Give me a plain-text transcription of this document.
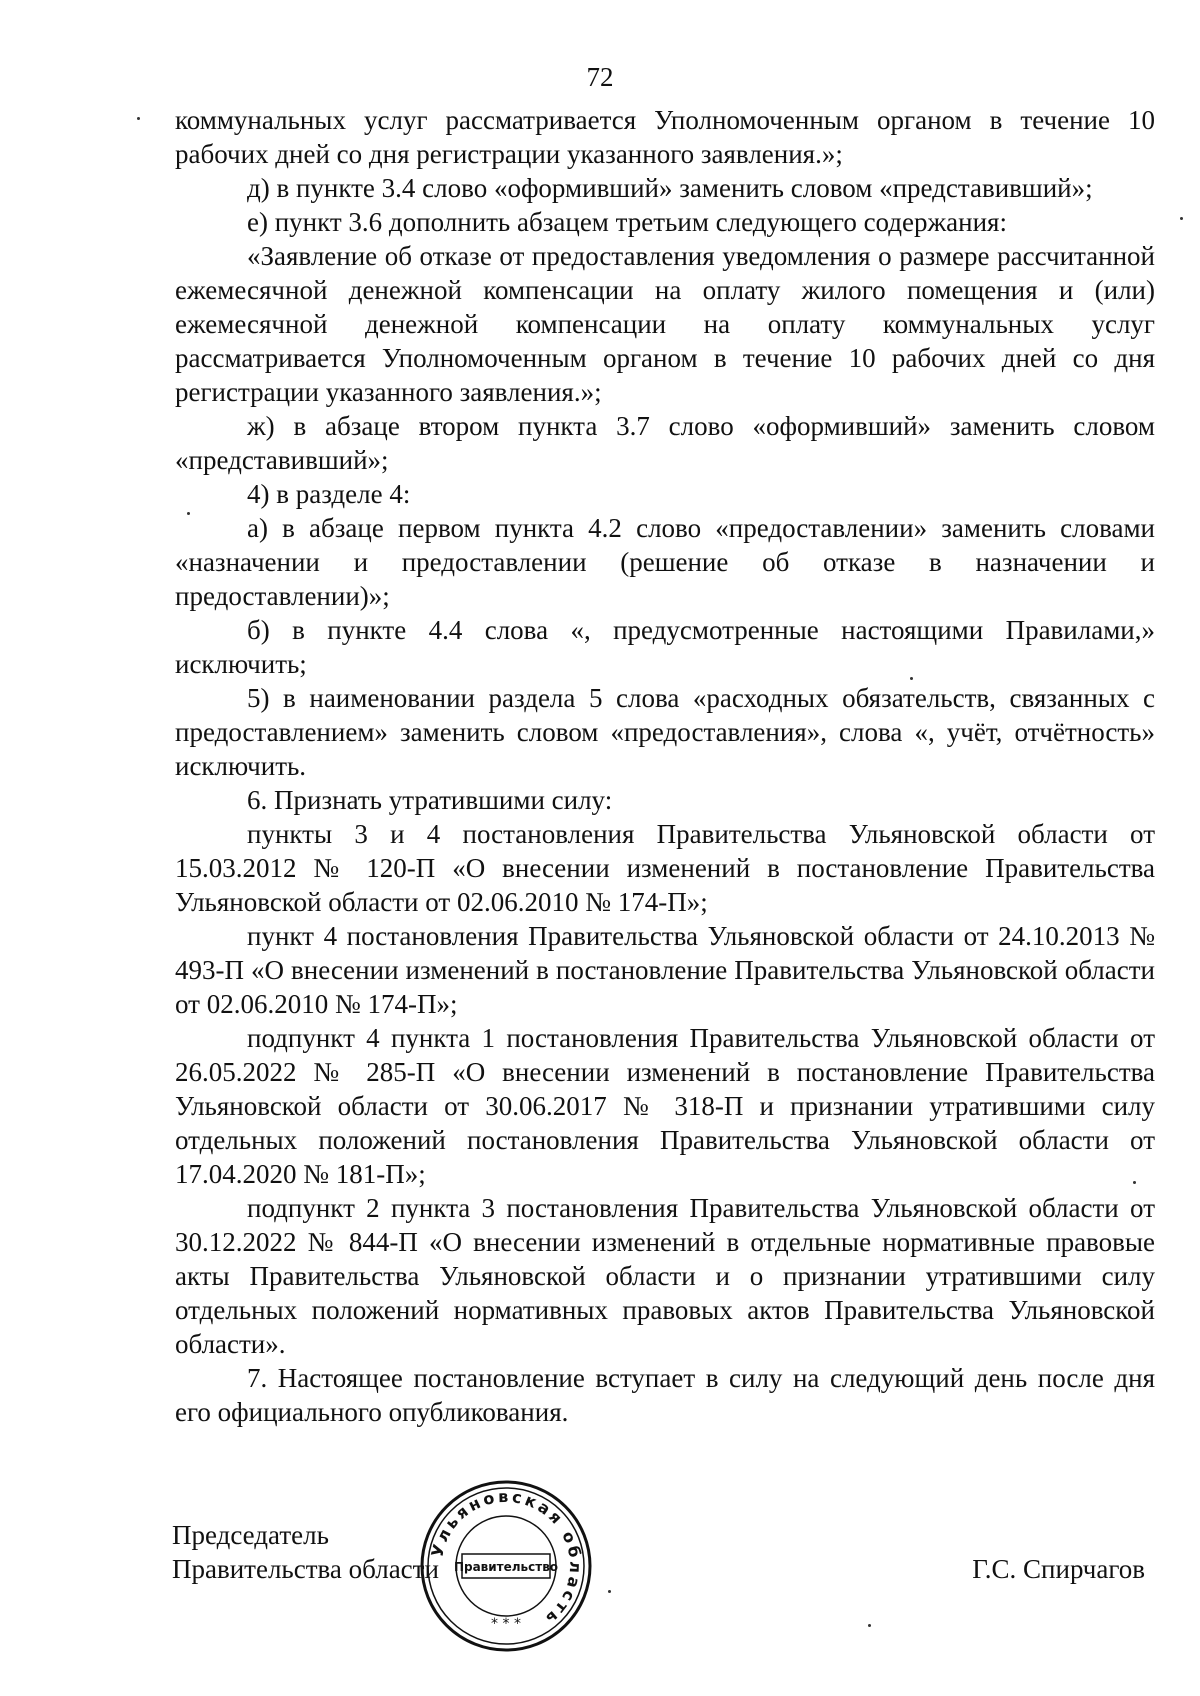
72

коммунальных услуг рассматривается Уполномоченным органом в течение 10 рабочих дней со дня регистрации указанного заявления.»;

д) в пункте 3.4 слово «оформивший» заменить словом «представивший»;

е) пункт 3.6 дополнить абзацем третьим следующего содержания:

«Заявление об отказе от предоставления уведомления о размере рассчитанной ежемесячной денежной компенсации на оплату жилого помещения и (или) ежемесячной денежной компенсации на оплату коммунальных услуг рассматривается Уполномоченным органом в течение 10 рабочих дней со дня регистрации указанного заявления.»;

ж) в абзаце втором пункта 3.7 слово «оформивший» заменить словом «представивший»;

4) в разделе 4:

а) в абзаце первом пункта 4.2 слово «предоставлении» заменить словами «назначении и предоставлении (решение об отказе в назначении и предоставлении)»;

б) в пункте 4.4 слова «, предусмотренные настоящими Правилами,» исключить;

5) в наименовании раздела 5 слова «расходных обязательств, связанных с предоставлением» заменить словом «предоставления», слова «, учёт, отчётность» исключить.

6. Признать утратившими силу:

пункты 3 и 4 постановления Правительства Ульяновской области от 15.03.2012 № 120-П «О внесении изменений в постановление Правительства Ульяновской области от 02.06.2010 № 174-П»;

пункт 4 постановления Правительства Ульяновской области от 24.10.2013 № 493-П «О внесении изменений в постановление Правительства Ульяновской области от 02.06.2010 № 174-П»;

подпункт 4 пункта 1 постановления Правительства Ульяновской области от 26.05.2022 № 285-П «О внесении изменений в постановление Правительства Ульяновской области от 30.06.2017 № 318-П и признании утратившими силу отдельных положений постановления Правительства Ульяновской области от 17.04.2020 № 181-П»;

подпункт 2 пункта 3 постановления Правительства Ульяновской области от 30.12.2022 № 844-П «О внесении изменений в отдельные нормативные правовые акты Правительства Ульяновской области и о признании утратившими силу отдельных положений нормативных правовых актов Правительства Ульяновской области».

7. Настоящее постановление вступает в силу на следующий день после дня его официального опубликования.

Председатель
Правительства области	Г.С. Спирчагов
Ульяновская область
Правительство
* * *
